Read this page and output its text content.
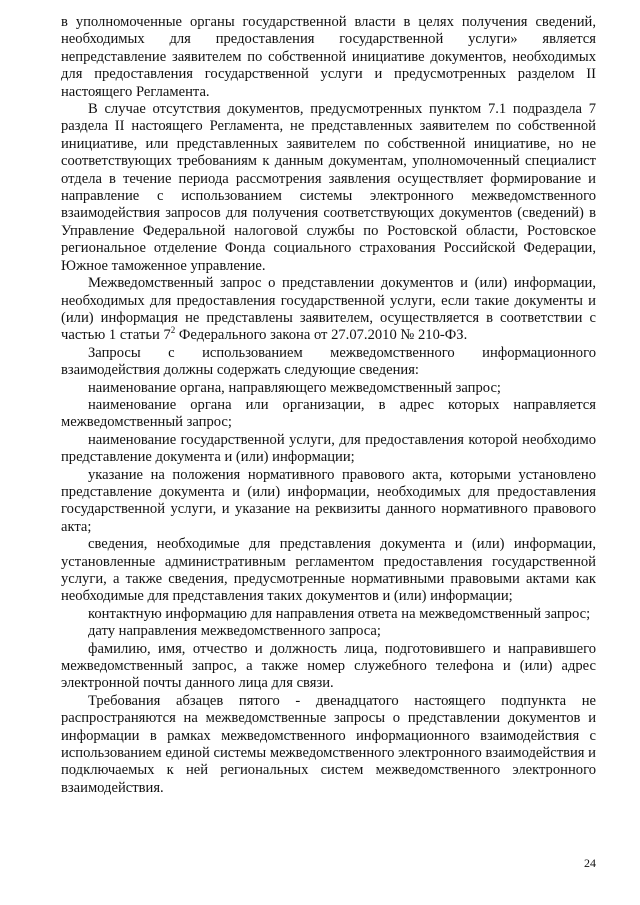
в уполномоченные органы государственной власти в целях получения сведений, необходимых для предоставления государственной услуги» является непредставление заявителем по собственной инициативе документов, необходимых для предоставления государственной услуги и предусмотренных разделом II настоящего Регламента.

В случае отсутствия документов, предусмотренных пунктом 7.1 подраздела 7 раздела II настоящего Регламента, не представленных заявителем по собственной инициативе, или представленных заявителем по собственной инициативе, но не соответствующих требованиям к данным документам, уполномоченный специалист отдела в течение периода рассмотрения заявления осуществляет формирование и направление с использованием системы электронного межведомственного взаимодействия запросов для получения соответствующих документов (сведений) в Управление Федеральной налоговой службы по Ростовской области, Ростовское региональное отделение Фонда социального страхования Российской Федерации, Южное таможенное управление.

Межведомственный запрос о представлении документов и (или) информации, необходимых для предоставления государственной услуги, если такие документы и (или) информация не представлены заявителем, осуществляется в соответствии с частью 1 статьи $7^2$ Федерального закона от 27.07.2010 № 210-ФЗ.

Запросы с использованием межведомственного информационного взаимодействия должны содержать следующие сведения:

наименование органа, направляющего межведомственный запрос;

наименование органа или организации, в адрес которых направляется межведомственный запрос;

наименование государственной услуги, для предоставления которой необходимо представление документа и (или) информации;

указание на положения нормативного правового акта, которыми установлено представление документа и (или) информации, необходимых для предоставления государственной услуги, и указание на реквизиты данного нормативного правового акта;

сведения, необходимые для представления документа и (или) информации, установленные административным регламентом предоставления государственной услуги, а также сведения, предусмотренные нормативными правовыми актами как необходимые для представления таких документов и (или) информации;

контактную информацию для направления ответа на межведомственный запрос;

дату направления межведомственного запроса;

фамилию, имя, отчество и должность лица, подготовившего и направившего межведомственный запрос, а также номер служебного телефона и (или) адрес электронной почты данного лица для связи.

Требования абзацев пятого - двенадцатого настоящего подпункта не распространяются на межведомственные запросы о представлении документов и информации в рамках межведомственного информационного взаимодействия с использованием единой системы межведомственного электронного взаимодействия и подключаемых к ней региональных систем межведомственного электронного взаимодействия.

24
